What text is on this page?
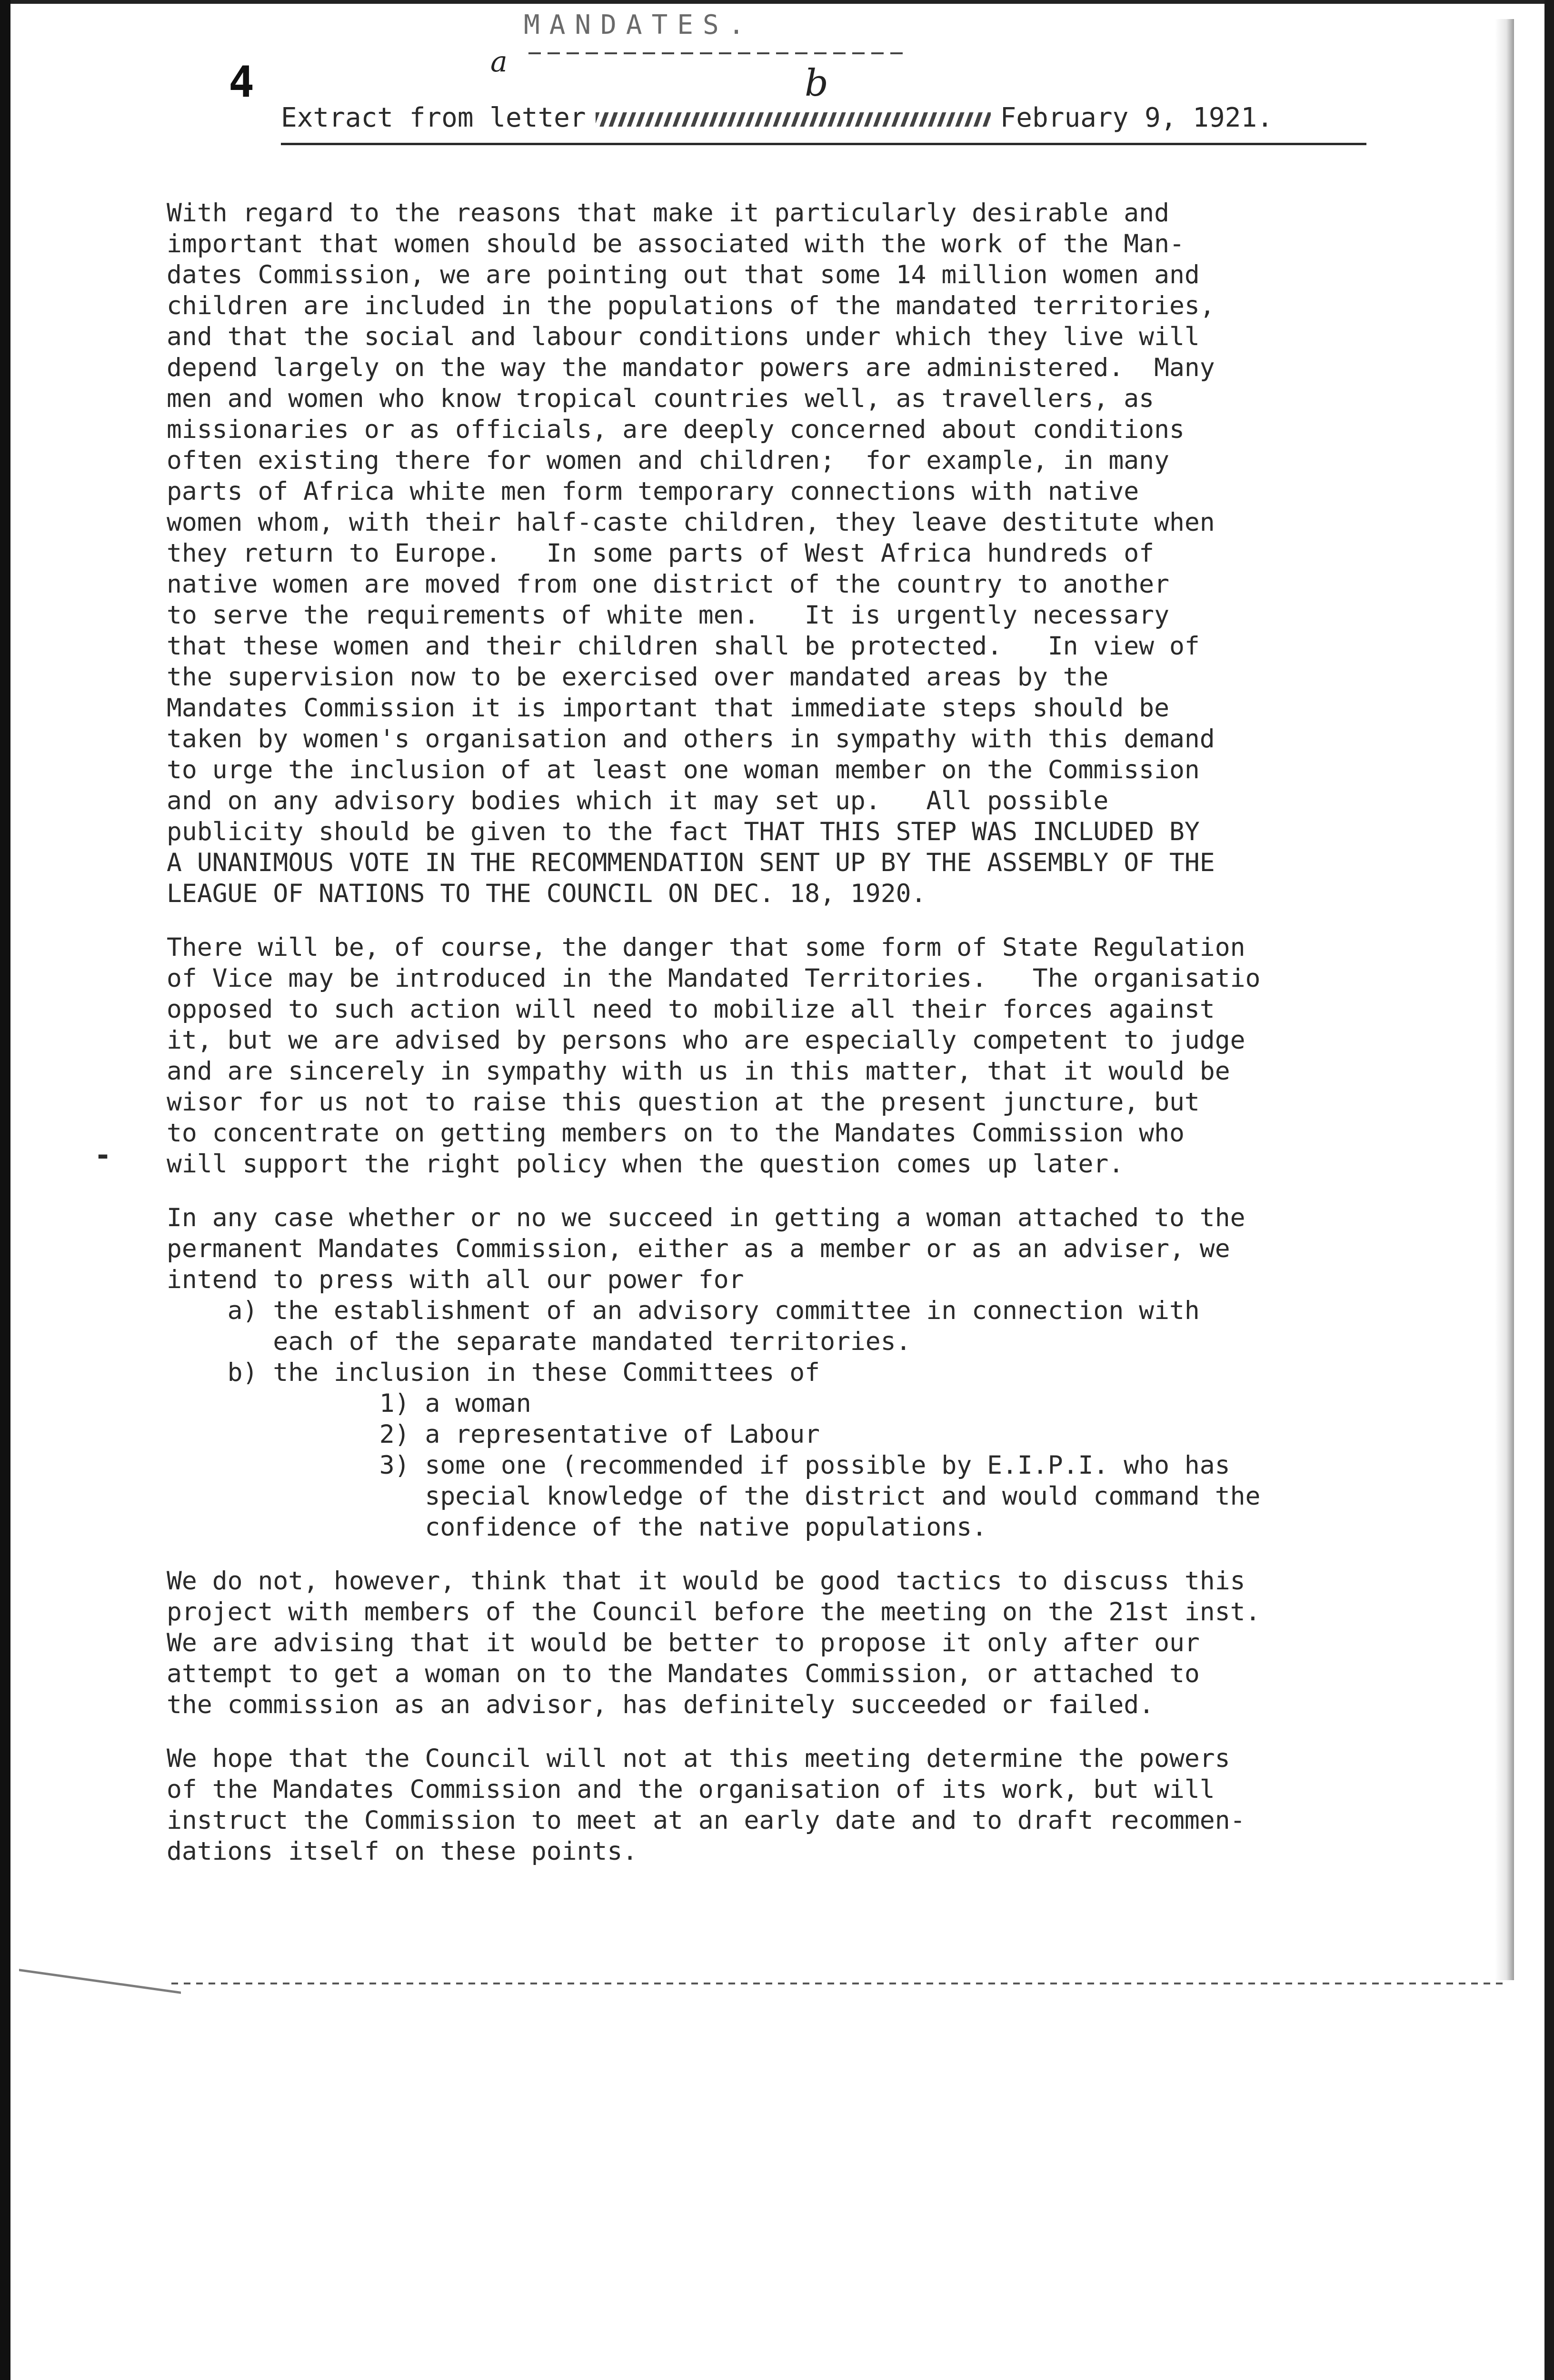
4
MANDATES.
a	b
Extract from letter	February 9, 1921.

With regard to the reasons that make it particularly desirable and
important that women should be associated with the work of the Man-
dates Commission, we are pointing out that some 14 million women and
children are included in the populations of the mandated territories,
and that the social and labour conditions under which they live will
depend largely on the way the mandator powers are administered.  Many
men and women who know tropical countries well, as travellers, as
missionaries or as officials, are deeply concerned about conditions
often existing there for women and children;  for example, in many
parts of Africa white men form temporary connections with native
women whom, with their half-caste children, they leave destitute when
they return to Europe.   In some parts of West Africa hundreds of
native women are moved from one district of the country to another
to serve the requirements of white men.   It is urgently necessary
that these women and their children shall be protected.   In view of
the supervision now to be exercised over mandated areas by the
Mandates Commission it is important that immediate steps should be
taken by women's organisation and others in sympathy with this demand
to urge the inclusion of at least one woman member on the Commission
and on any advisory bodies which it may set up.   All possible
publicity should be given to the fact THAT THIS STEP WAS INCLUDED BY
A UNANIMOUS VOTE IN THE RECOMMENDATION SENT UP BY THE ASSEMBLY OF THE
LEAGUE OF NATIONS TO THE COUNCIL ON DEC. 18, 1920.

There will be, of course, the danger that some form of State Regulation
of Vice may be introduced in the Mandated Territories.   The organisatio
opposed to such action will need to mobilize all their forces against
it, but we are advised by persons who are especially competent to judge
and are sincerely in sympathy with us in this matter, that it would be
wisor for us not to raise this question at the present juncture, but
to concentrate on getting members on to the Mandates Commission who
will support the right policy when the question comes up later.

In any case whether or no we succeed in getting a woman attached to the
permanent Mandates Commission, either as a member or as an adviser, we
intend to press with all our power for
a) the establishment of an advisory committee in connection with
each of the separate mandated territories.
b) the inclusion in these Committees of
1) a woman
2) a representative of Labour
3) some one (recommended if possible by E.I.P.I. who has
special knowledge of the district and would command the
confidence of the native populations.

We do not, however, think that it would be good tactics to discuss this
project with members of the Council before the meeting on the 21st inst.
We are advising that it would be better to propose it only after our
attempt to get a woman on to the Mandates Commission, or attached to
the commission as an advisor, has definitely succeeded or failed.

We hope that the Council will not at this meeting determine the powers
of the Mandates Commission and the organisation of its work, but will
instruct the Commission to meet at an early date and to draft recommen-
dations itself on these points.

-
